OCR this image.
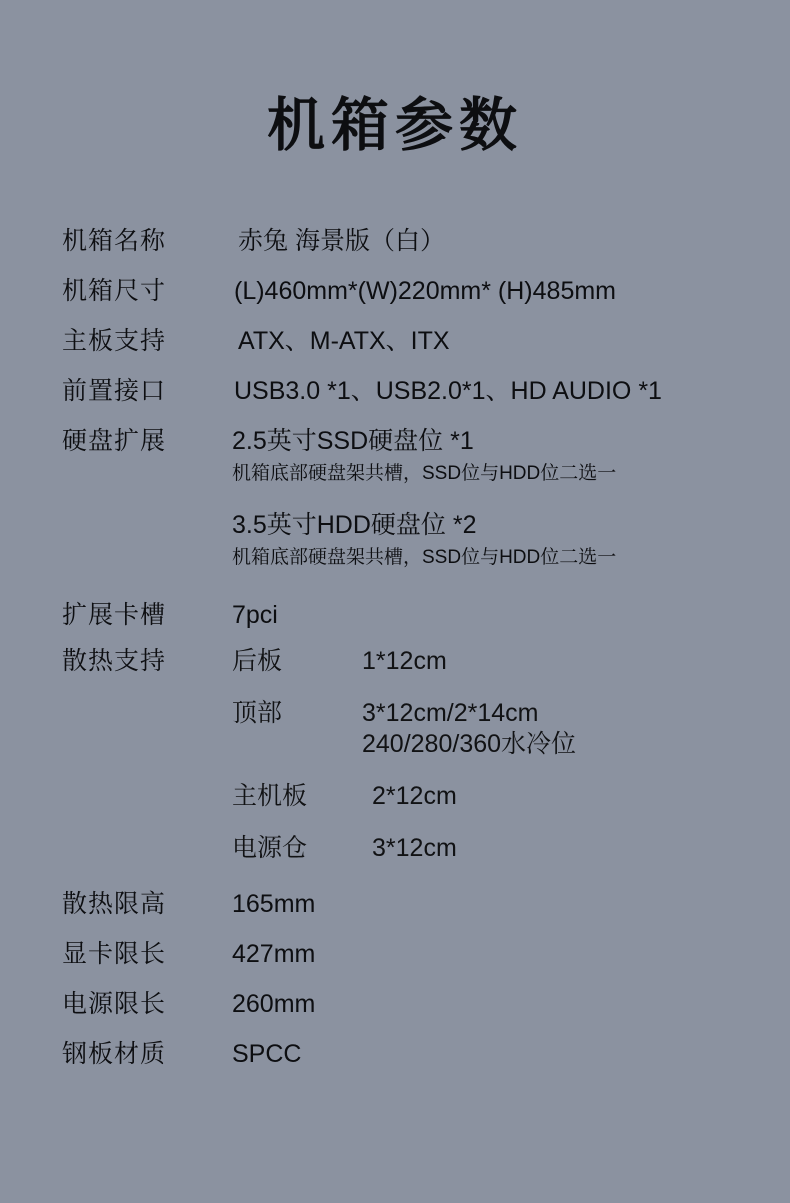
机箱参数
机箱名称	赤兔 海景版（白）
机箱尺寸	(L)460mm*(W)220mm* (H)485mm
主板支持	ATX、M-ATX、ITX
前置接口	USB3.0 *1、USB2.0*1、HD AUDIO *1
硬盘扩展	2.5英寸SSD硬盘位 *1
机箱底部硬盘架共槽，SSD位与HDD位二选一
3.5英寸HDD硬盘位 *2
机箱底部硬盘架共槽，SSD位与HDD位二选一
扩展卡槽	7pci
散热支持	后板	1*12cm
顶部	3*12cm/2*14cm
240/280/360水冷位
主机板	2*12cm
电源仓	3*12cm
散热限高	165mm
显卡限长	427mm
电源限长	260mm
钢板材质	SPCC
